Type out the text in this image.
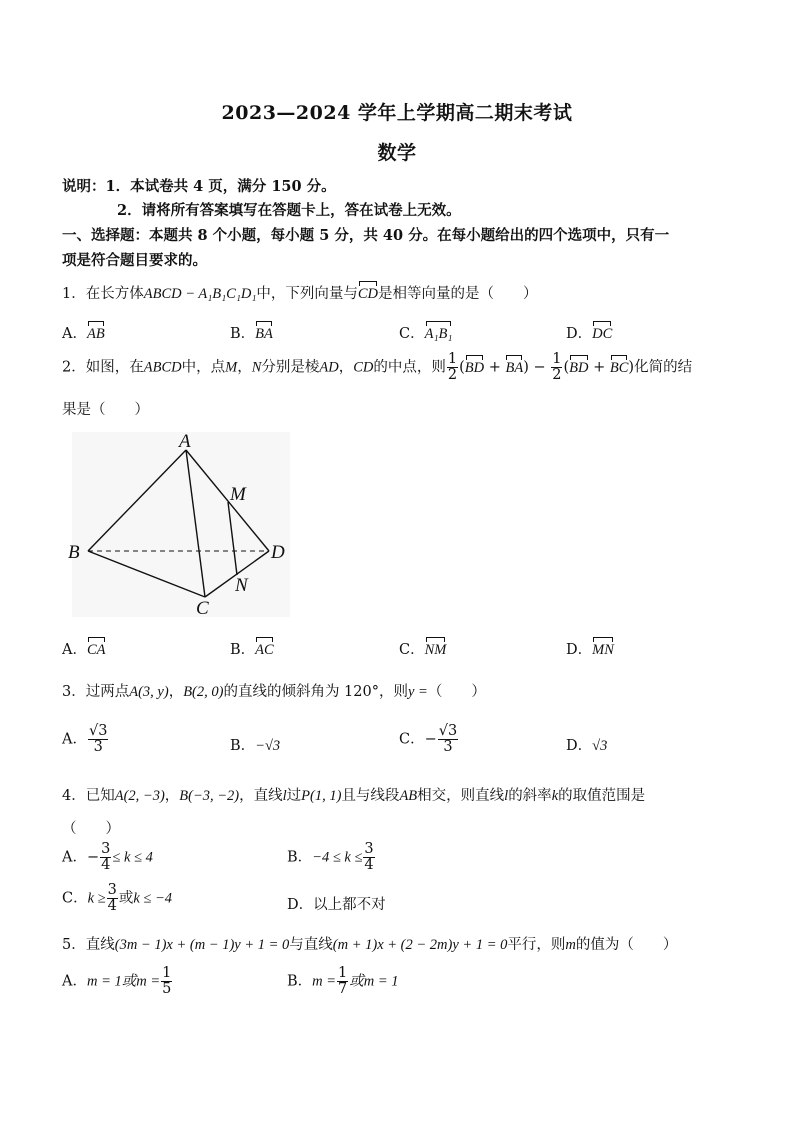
2023—2024 学年上学期高二期末考试
数学
说明：1．本试卷共 4 页，满分 150 分。
2．请将所有答案填写在答题卡上，答在试卷上无效。
一、选择题：本题共 8 个小题，每小题 5 分，共 40 分。在每小题给出的四个选项中，只有一
项是符合题目要求的。
1．在长方体ABCD − A₁B₁C₁D₁中，下列向量与CD是相等向量的是（　　）
A．AB	B．BA	C．A₁B₁	D．DC
2．如图，在ABCD中，点M，N分别是棱AD，CD的中点，则 $\frac{1}{2} (BD + BA) - \frac{1}{2} (BD + BC)$化简的结
果是（　　）
A
B
C
D
M
N
A．CA	B．AC	C．NM	D．MN
3．过两点A(3, y)，B(2, 0)的直线的倾斜角为 120°，则y =（　　）
A． $\frac{√3}{3}$	B．−√3	C．− $\frac{√3}{3}$	D．√3
4．已知A(2, −3)，B(−3, −2)，直线l过P(1, 1)且与线段AB相交，则直线l的斜率k的取值范围是
（　　）
A．− $\frac{3}{4} \le k \le 4$	B．$-4 \le k \le \frac{3}{4}$
C．$k \ge \frac{3}{4}$ 或k ≤ −4	D．以上都不对
5．直线(3m − 1)x + (m − 1)y + 1 = 0与直线(m + 1)x + (2 − 2m)y + 1 = 0平行，则m的值为（　　）
A．m = 1或$m = \frac{1}{5}$	B．$m = \frac{1}{7}$ 或m = 1
